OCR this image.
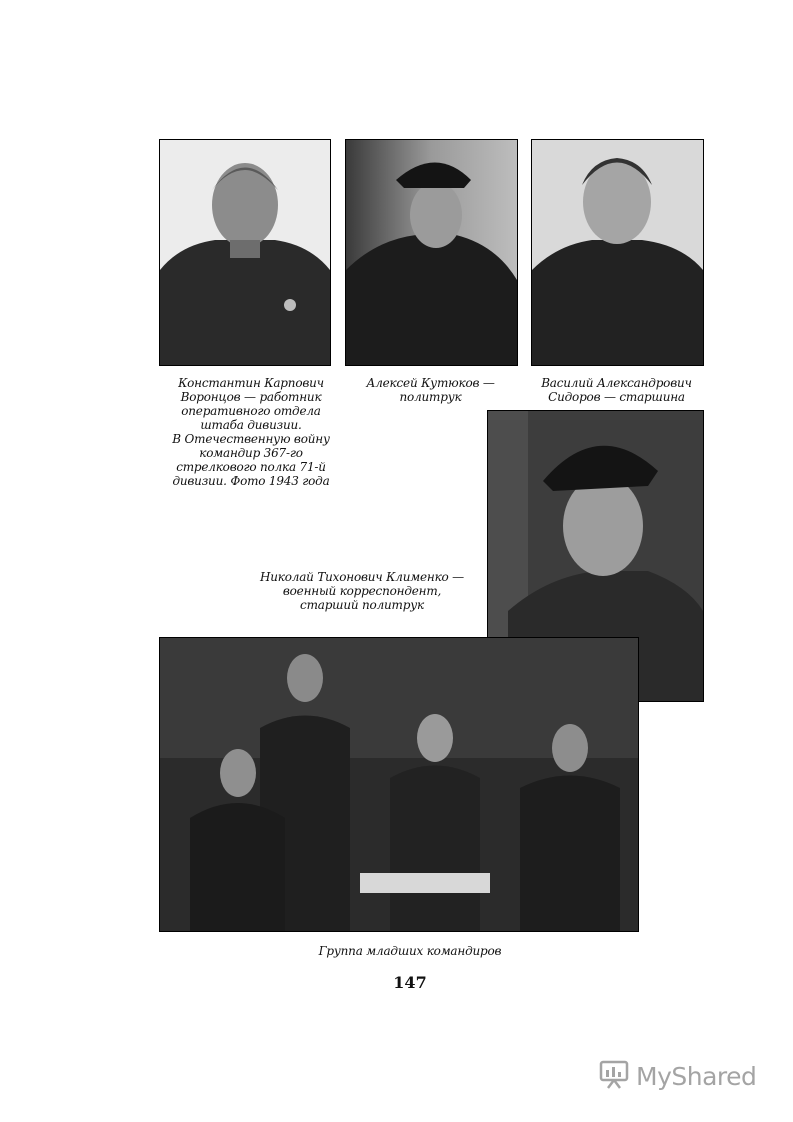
Константин Карпович
Воронцов — работник
оперативного отдела
штаба дивизии.
В Отечественную войну
командир 367-го
стрелкового полка 71-й
дивизии. Фото 1943 года
Алексей Кутюков —
политрук
Василий Александрович
Сидоров — старшина
Николай Тихонович Клименко —
военный корреспондент,
старший политрук
Группа младших командиров
147
MyShared
